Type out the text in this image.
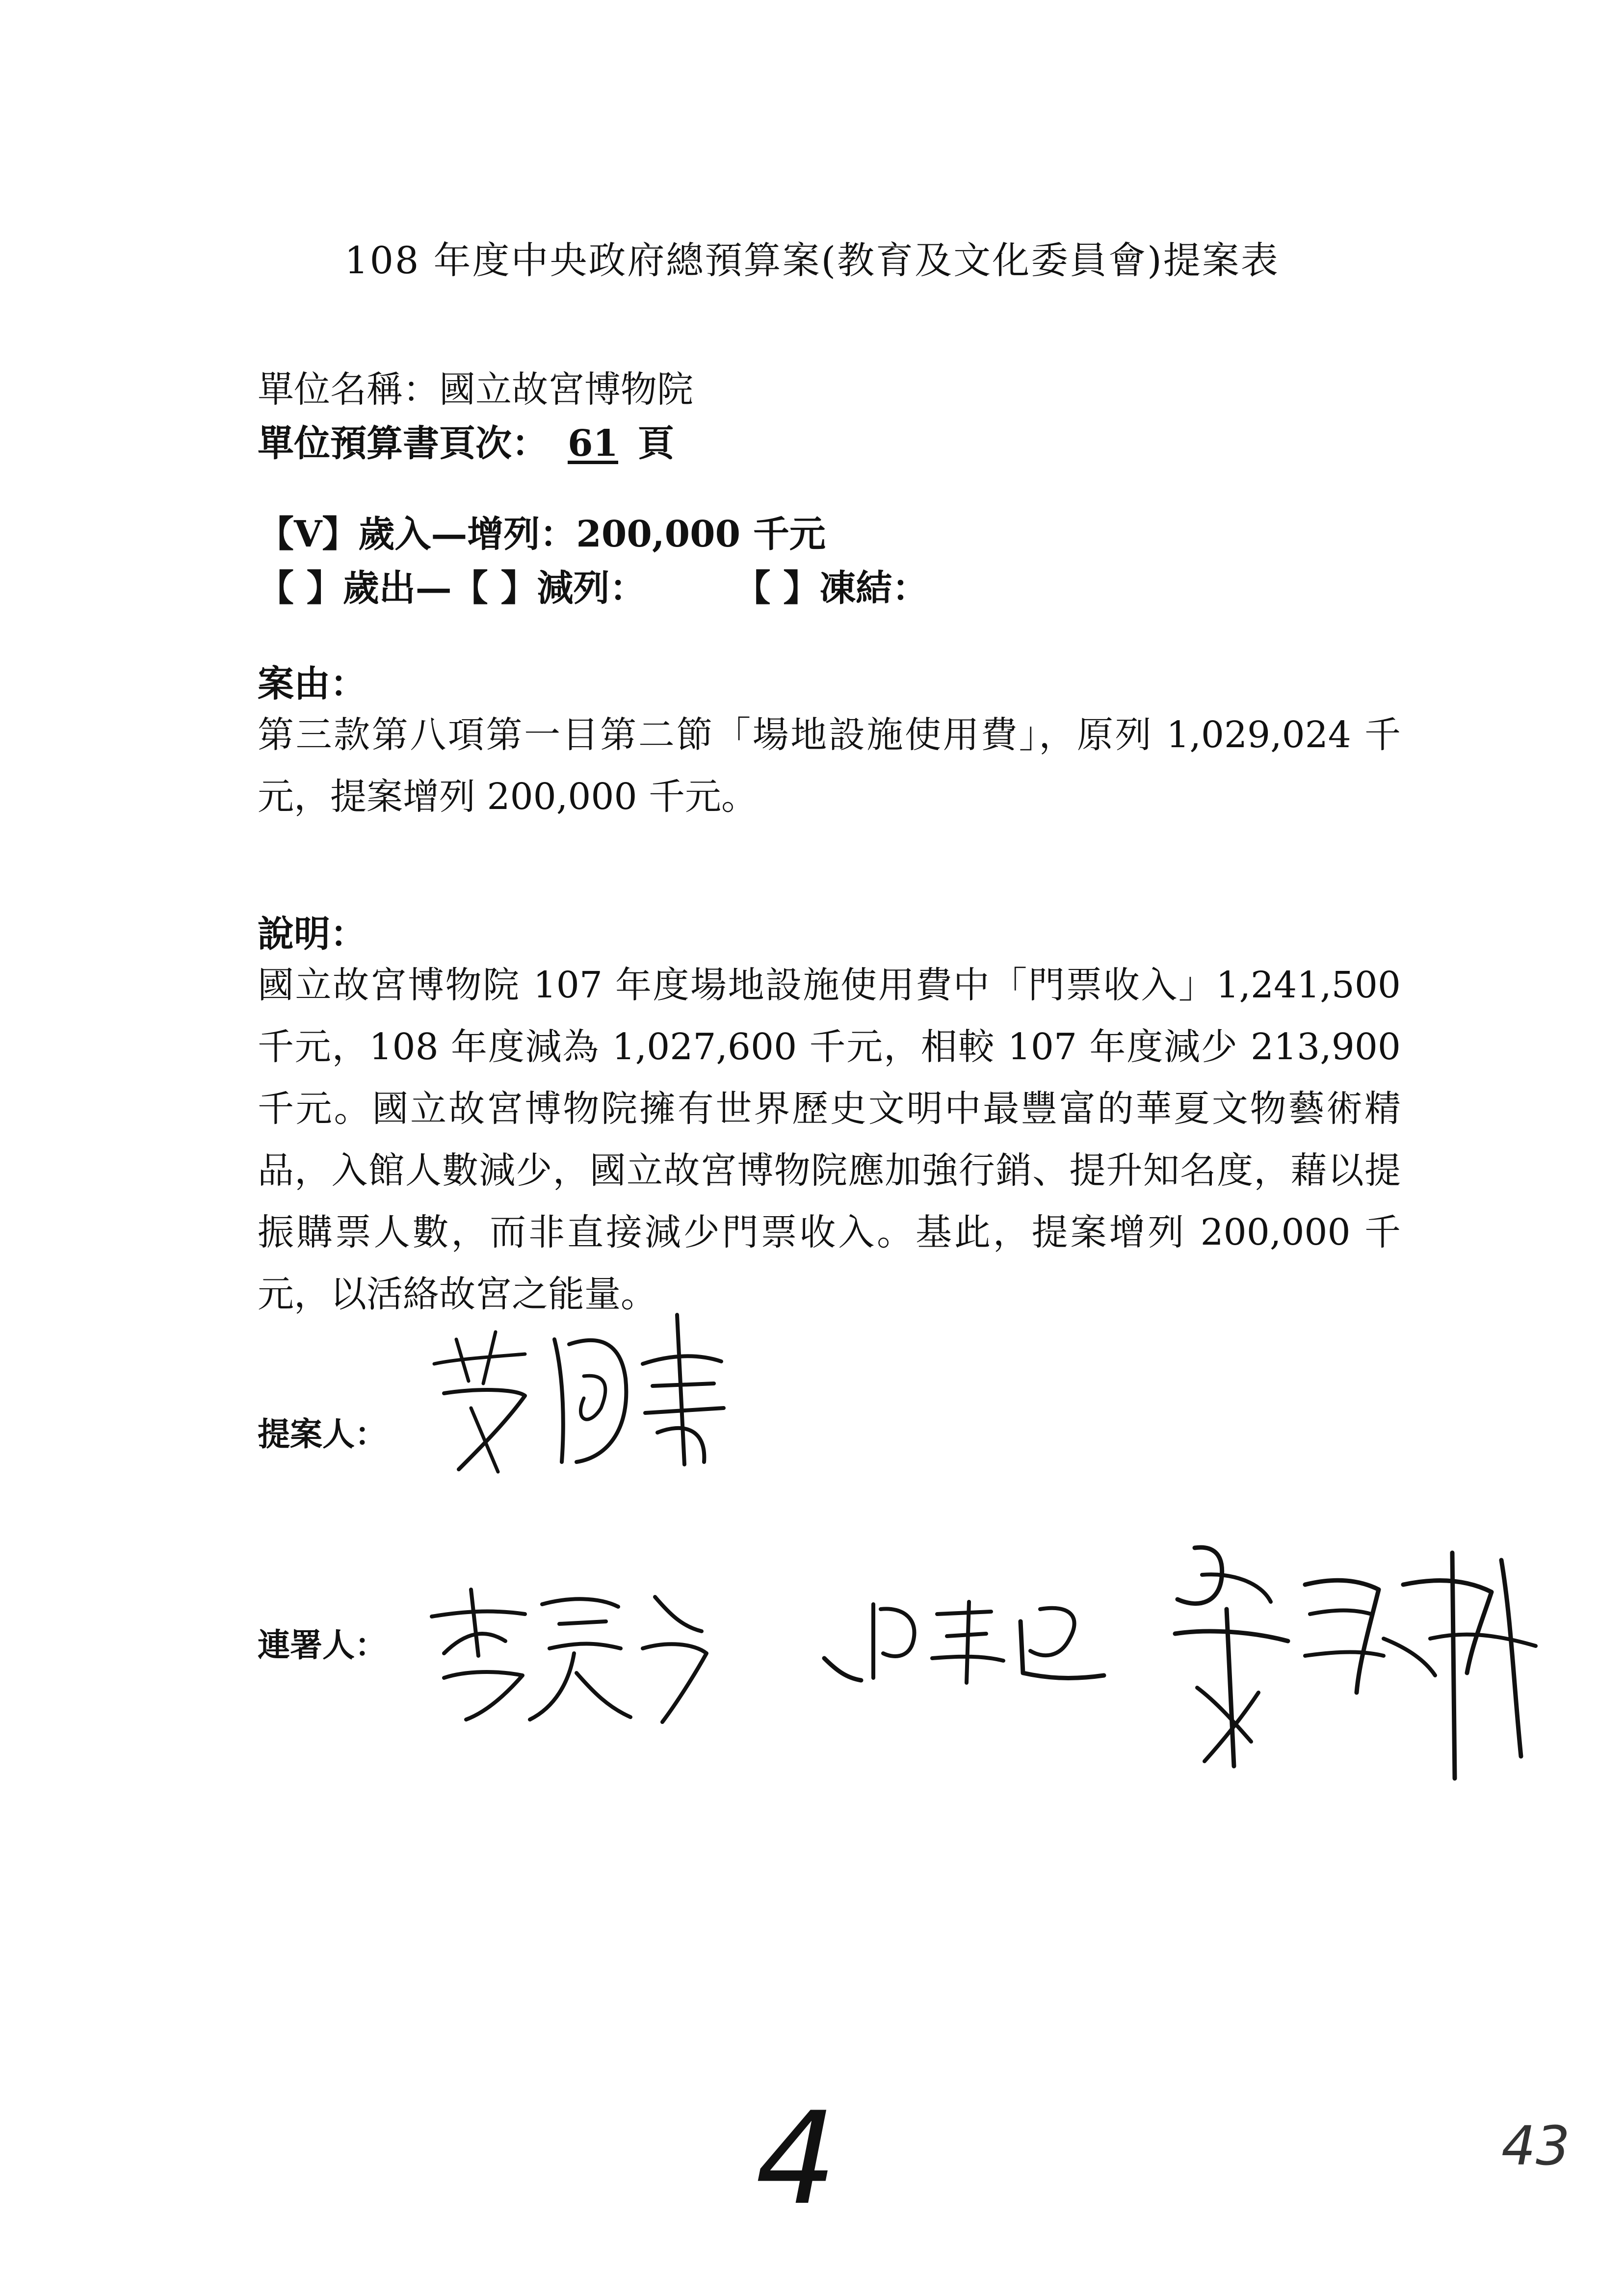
108 年度中央政府總預算案(教育及文化委員會)提案表
單位名稱：國立故宮博物院
單位預算書頁次： 61 頁
【V】歲入—增列：200,000 千元
【 】歲出—【 】減列： 【 】凍結：
案由：
第三款第八項第一目第二節「場地設施使用費」，原列 1,029,024 千元，提案增列 200,000 千元。
說明：
國立故宮博物院 107 年度場地設施使用費中「門票收入」1,241,500 千元，108 年度減為 1,027,600 千元，相較 107 年度減少 213,900 千元。國立故宮博物院擁有世界歷史文明中最豐富的華夏文物藝術精品，入館人數減少，國立故宮博物院應加強行銷、提升知名度，藉以提振購票人數，而非直接減少門票收入。基此，提案增列 200,000 千元，以活絡故宮之能量。
提案人：
連署人：
4	43
